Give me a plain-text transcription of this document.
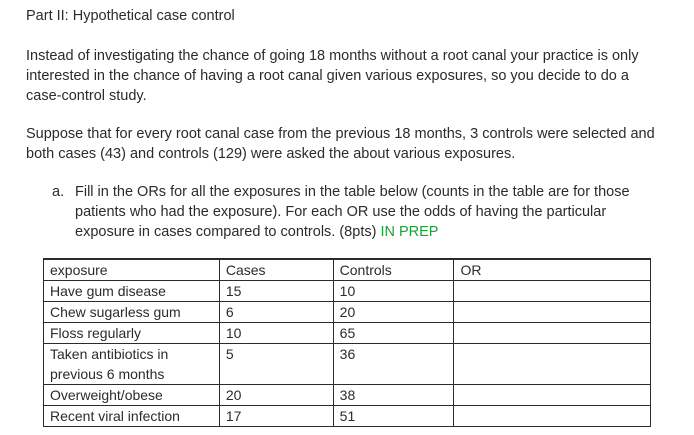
Part II: Hypothetical case control

Instead of investigating the chance of going 18 months without a root canal your practice is only interested in the chance of having a root canal given various exposures, so you decide to do a case-control study.

Suppose that for every root canal case from the previous 18 months, 3 controls were selected and both cases (43) and controls (129) were asked the about various exposures.

a. Fill in the ORs for all the exposures in the table below (counts in the table are for those patients who had the exposure). For each OR use the odds of having the particular exposure in cases compared to controls. (8pts) IN PREP
exposure	Cases	Controls	OR
Have gum disease	15	10	
Chew sugarless gum	6	20	
Floss regularly	10	65	
Taken antibiotics in previous 6 months	5	36	
Overweight/obese	20	38	
Recent viral infection	17	51	
